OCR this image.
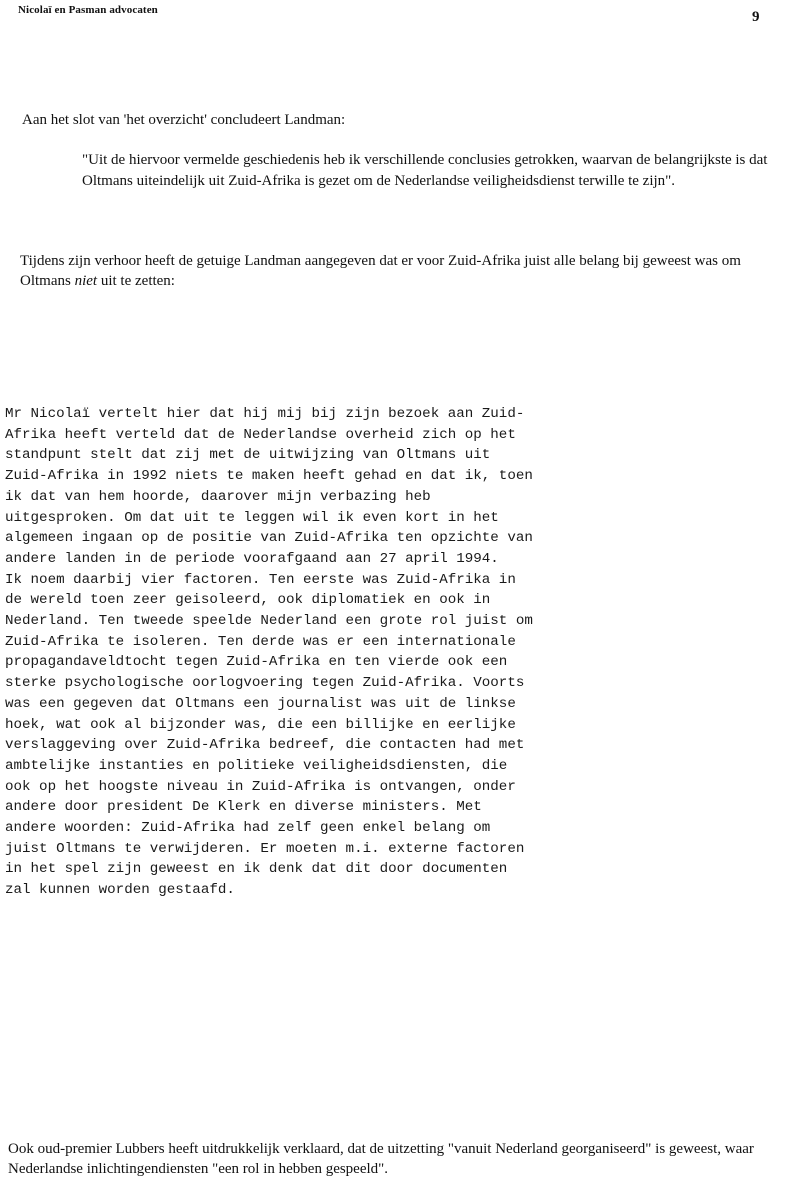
Nicolaï en Pasman advocaten	9

Aan het slot van 'het overzicht' concludeert Landman:

"Uit de hiervoor vermelde geschiedenis heb ik verschillende conclusies getrokken, waarvan de belangrijkste is dat Oltmans uiteindelijk uit Zuid-Afrika is gezet om de Nederlandse veiligheidsdienst terwille te zijn".

Tijdens zijn verhoor heeft de getuige Landman aangegeven dat er voor Zuid-Afrika juist alle belang bij geweest was om Oltmans niet uit te zetten:

Mr Nicolaï vertelt hier dat hij mij bij zijn bezoek aan Zuid-
Afrika heeft verteld dat de Nederlandse overheid zich op het
standpunt stelt dat zij met de uitwijzing van Oltmans uit
Zuid-Afrika in 1992 niets te maken heeft gehad en dat ik, toen
ik dat van hem hoorde, daarover mijn verbazing heb
uitgesproken. Om dat uit te leggen wil ik even kort in het
algemeen ingaan op de positie van Zuid-Afrika ten opzichte van
andere landen in de periode voorafgaand aan 27 april 1994.
Ik noem daarbij vier factoren. Ten eerste was Zuid-Afrika in
de wereld toen zeer geisoleerd, ook diplomatiek en ook in
Nederland. Ten tweede speelde Nederland een grote rol juist om
Zuid-Afrika te isoleren. Ten derde was er een internationale
propagandaveldtocht tegen Zuid-Afrika en ten vierde ook een
sterke psychologische oorlogvoering tegen Zuid-Afrika. Voorts
was een gegeven dat Oltmans een journalist was uit de linkse
hoek, wat ook al bijzonder was, die een billijke en eerlijke
verslaggeving over Zuid-Afrika bedreef, die contacten had met
ambtelijke instanties en politieke veiligheidsdiensten, die
ook op het hoogste niveau in Zuid-Afrika is ontvangen, onder
andere door president De Klerk en diverse ministers. Met
andere woorden: Zuid-Afrika had zelf geen enkel belang om
juist Oltmans te verwijderen. Er moeten m.i. externe factoren
in het spel zijn geweest en ik denk dat dit door documenten
zal kunnen worden gestaafd.

Ook oud-premier Lubbers heeft uitdrukkelijk verklaard, dat de uitzetting "vanuit Nederland georganiseerd" is geweest, waar Nederlandse inlichtingendiensten "een rol in hebben gespeeld".
